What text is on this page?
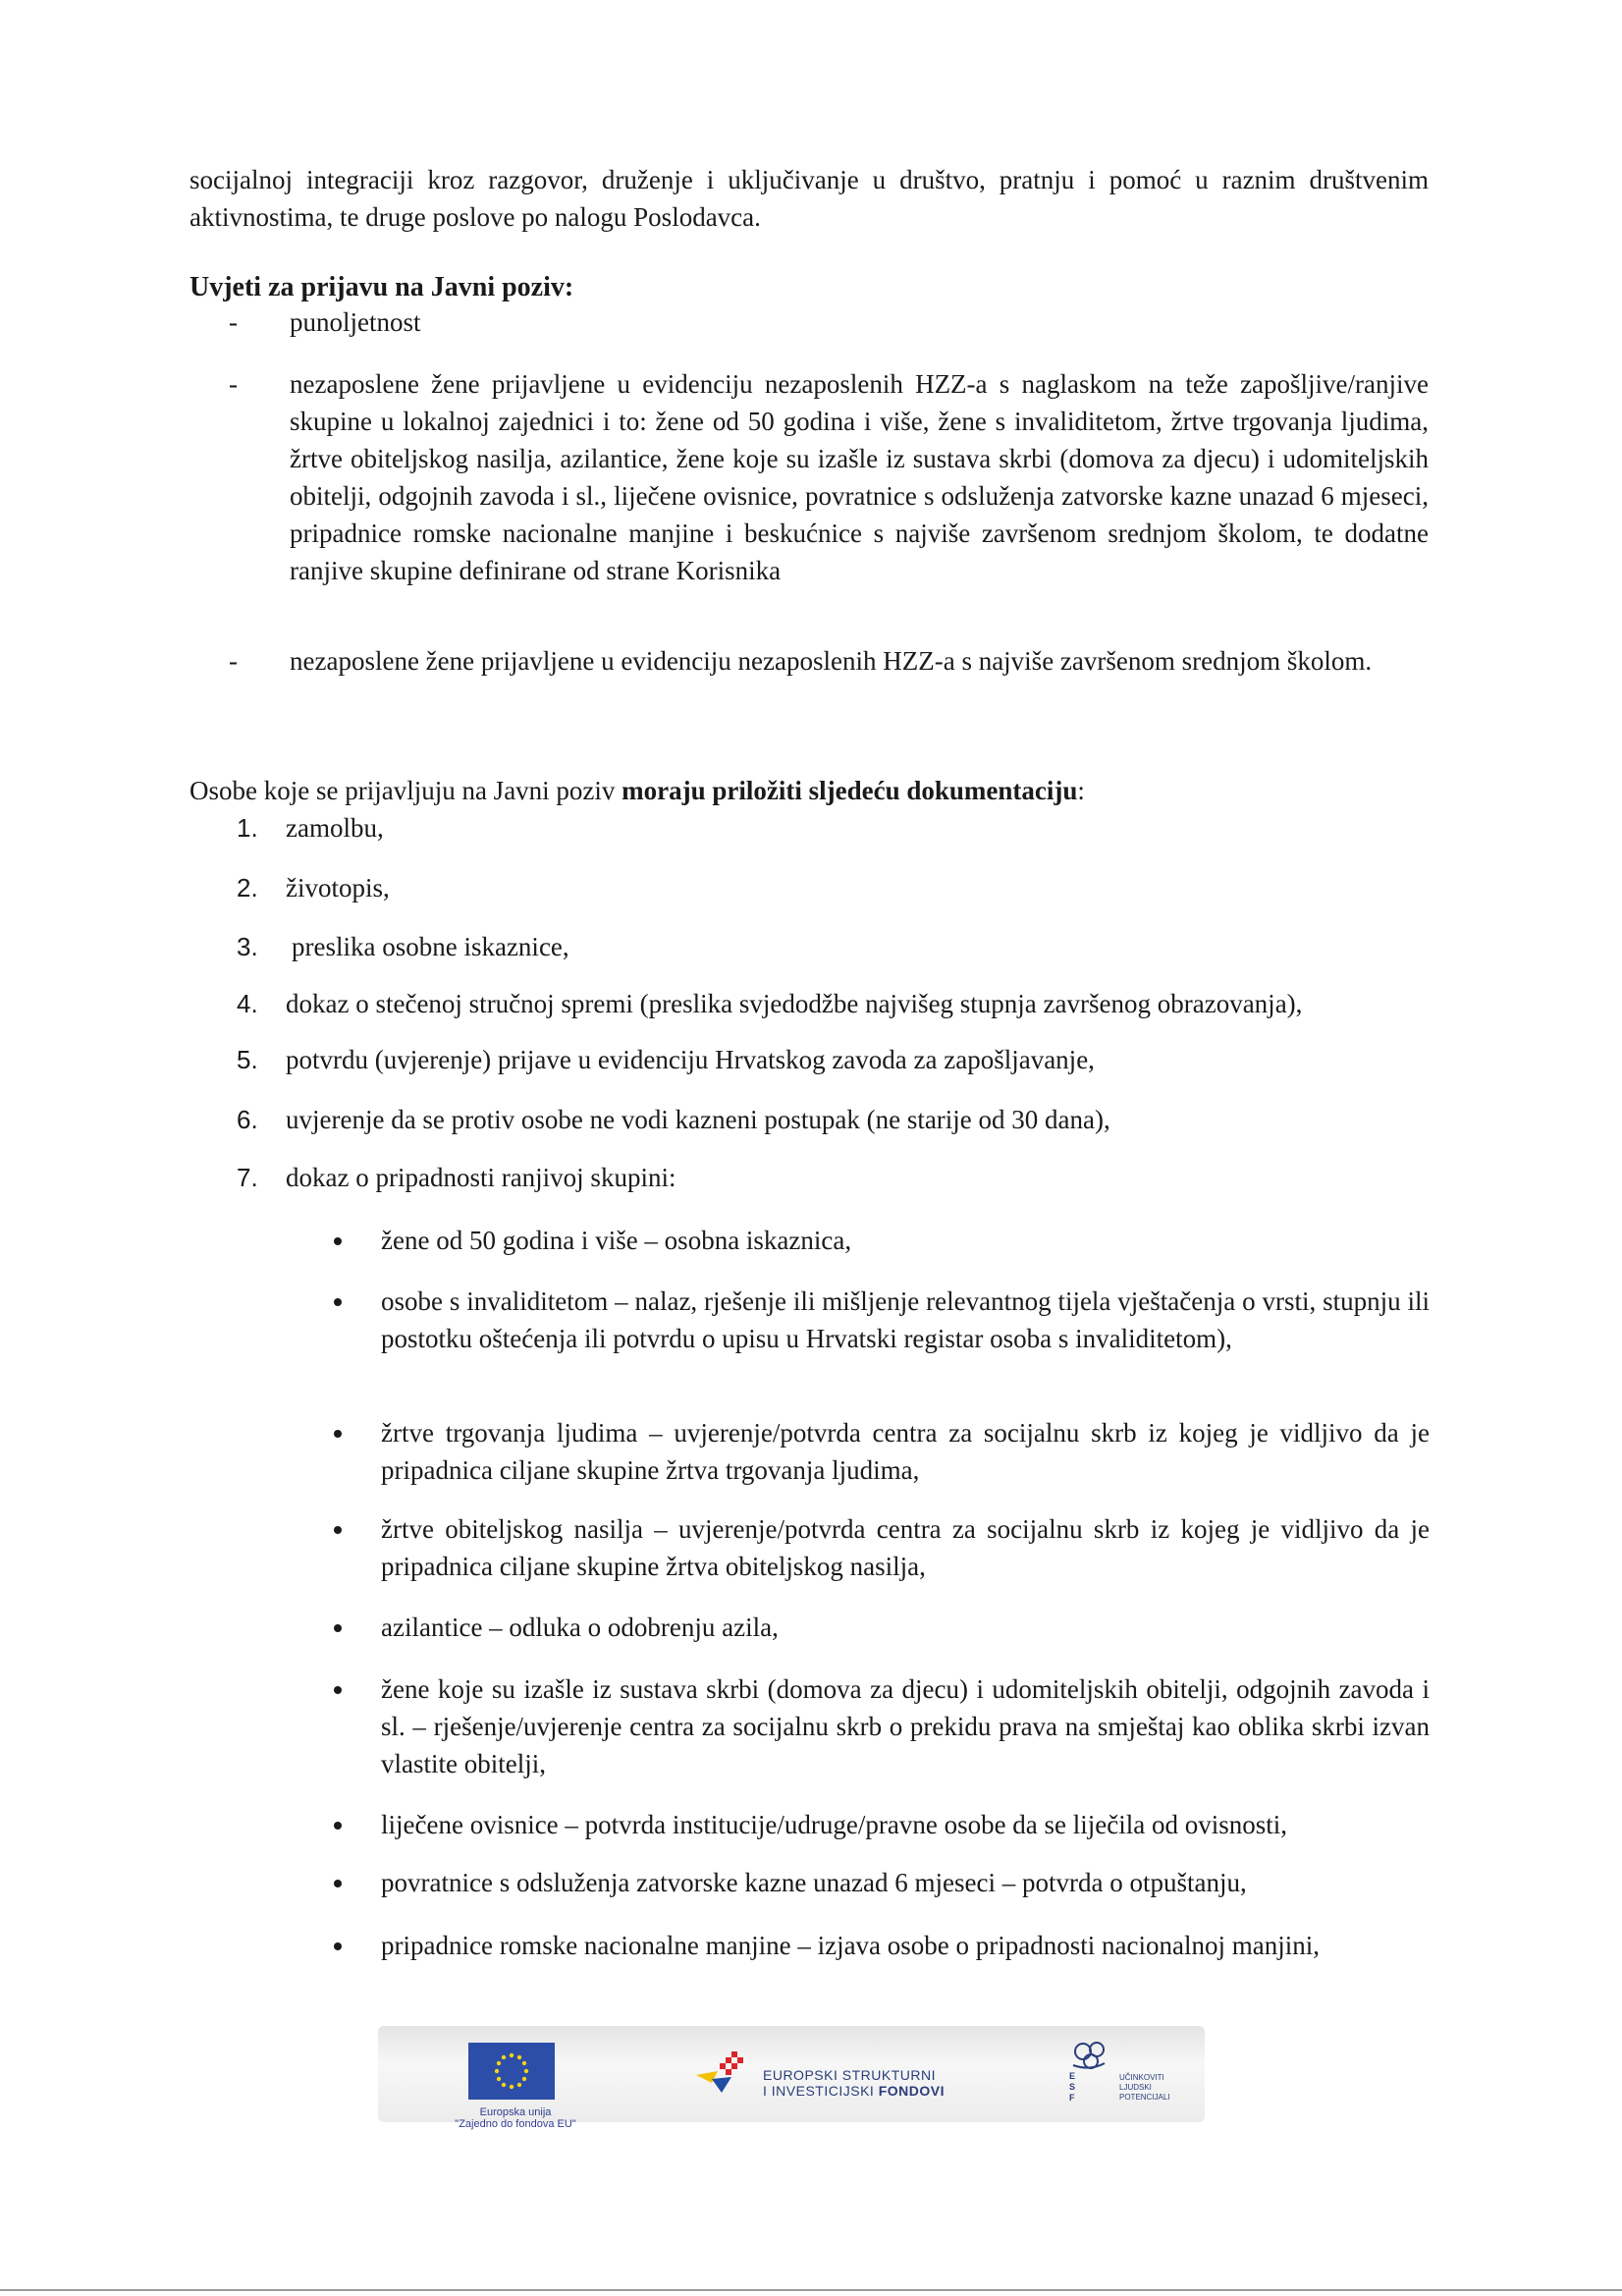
socijalnoj integraciji kroz razgovor, druženje i uključivanje u društvo, pratnju i pomoć u raznim društvenim aktivnostima, te druge poslove po nalogu Poslodavca.

Uvjeti za prijavu na Javni poziv:

-	punoljetnost
-	nezaposlene žene prijavljene u evidenciju nezaposlenih HZZ-a s naglaskom na teže zapošljive/ranjive skupine u lokalnoj zajednici i to: žene od 50 godina i više, žene s invaliditetom, žrtve trgovanja ljudima, žrtve obiteljskog nasilja, azilantice, žene koje su izašle iz sustava skrbi (domova za djecu) i udomiteljskih obitelji, odgojnih zavoda i sl., liječene ovisnice, povratnice s odsluženja zatvorske kazne unazad 6 mjeseci, pripadnice romske nacionalne manjine i beskućnice s najviše završenom srednjom školom, te dodatne ranjive skupine definirane od strane Korisnika
-	nezaposlene žene prijavljene u evidenciju nezaposlenih HZZ-a s najviše završenom srednjom školom.

Osobe koje se prijavljuju na Javni poziv moraju priložiti sljedeću dokumentaciju:

1.	zamolbu,
2.	životopis,
3.	preslika osobne iskaznice,
4.	dokaz o stečenoj stručnoj spremi (preslika svjedodžbe najvišeg stupnja završenog obrazovanja),
5.	potvrdu (uvjerenje) prijave u evidenciju Hrvatskog zavoda za zapošljavanje,
6.	uvjerenje da se protiv osobe ne vodi kazneni postupak (ne starije od 30 dana),
7.	dokaz o pripadnosti ranjivoj skupini:
žene od 50 godina i više – osobna iskaznica,
osobe s invaliditetom – nalaz, rješenje ili mišljenje relevantnog tijela vještačenja o vrsti, stupnju ili postotku oštećenja ili potvrdu o upisu u Hrvatski registar osoba s invaliditetom),
žrtve trgovanja ljudima – uvjerenje/potvrda centra za socijalnu skrb iz kojeg je vidljivo da je pripadnica ciljane skupine žrtva trgovanja ljudima,
žrtve obiteljskog nasilja – uvjerenje/potvrda centra za socijalnu skrb iz kojeg je vidljivo da je pripadnica ciljane skupine žrtva obiteljskog nasilja,
azilantice – odluka o odobrenju azila,
žene koje su izašle iz sustava skrbi (domova za djecu) i udomiteljskih obitelji, odgojnih zavoda i sl. – rješenje/uvjerenje centra za socijalnu skrb o prekidu prava na smještaj kao oblika skrbi izvan vlastite obitelji,
liječene ovisnice – potvrda institucije/udruge/pravne osobe da se liječila od ovisnosti,
povratnice s odsluženja zatvorske kazne unazad 6 mjeseci – potvrda o otpuštanju,
pripadnice romske nacionalne manjine – izjava osobe o pripadnosti nacionalnoj manjini,
Europska unija
"Zajedno do fondova EU"
EUROPSKI STRUKTURNI
I INVESTICIJSKI FONDOVI
E
S
F
UČINKOVITI
LJUDSKI
POTENCIJALI
